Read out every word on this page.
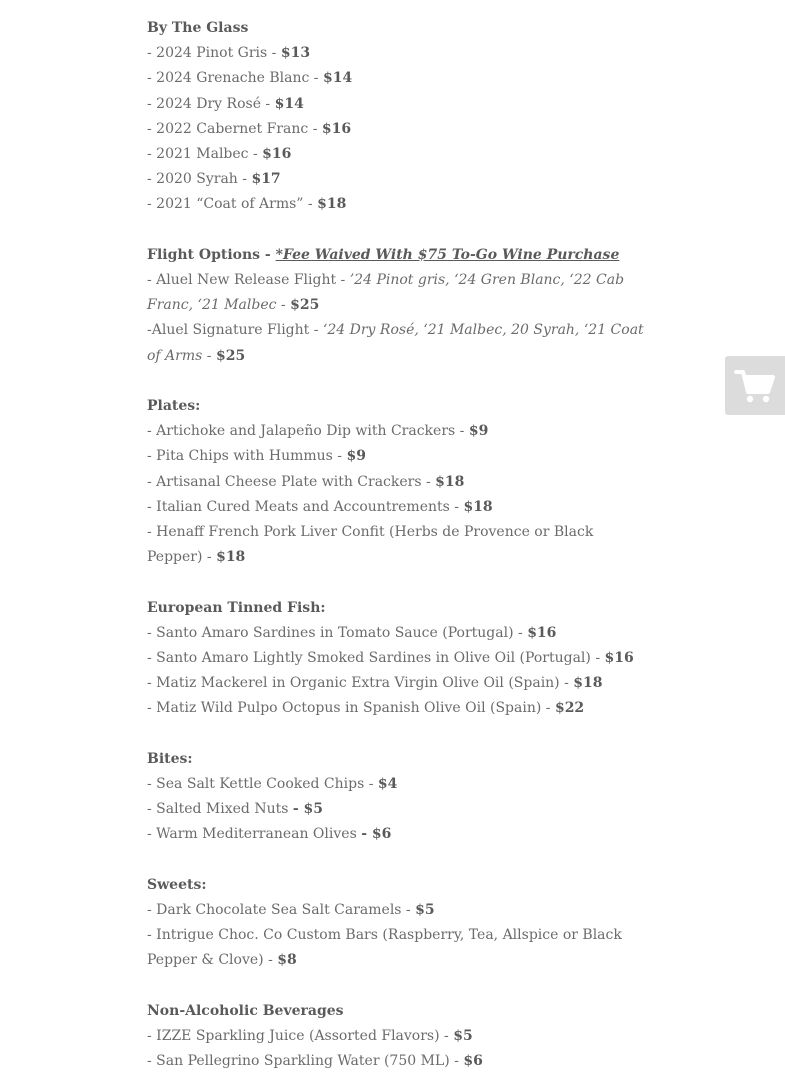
By The Glass
- 2024 Pinot Gris - $13
- 2024 Grenache Blanc - $14
- 2024 Dry Rosé - $14
- 2022 Cabernet Franc - $16
- 2021 Malbec - $16
- 2020 Syrah - $17
- 2021 “Coat of Arms” - $18
Flight Options - *Fee Waived With $75 To-Go Wine Purchase
- Aluel New Release Flight - ’24 Pinot gris, ‘24 Gren Blanc, ‘22 Cab Franc, ‘21 Malbec - $25
-Aluel Signature Flight - ‘24 Dry Rosé, ‘21 Malbec, 20 Syrah, ‘21 Coat of Arms - $25
Plates:
- Artichoke and Jalapeño Dip with Crackers - $9
- Pita Chips with Hummus - $9
- Artisanal Cheese Plate with Crackers - $18
- Italian Cured Meats and Accountrements - $18
- Henaff French Pork Liver Confit (Herbs de Provence or Black Pepper) - $18
European Tinned Fish:
- Santo Amaro Sardines in Tomato Sauce (Portugal) - $16
- Santo Amaro Lightly Smoked Sardines in Olive Oil (Portugal) - $16
- Matiz Mackerel in Organic Extra Virgin Olive Oil (Spain) - $18
- Matiz Wild Pulpo Octopus in Spanish Olive Oil (Spain) - $22
Bites:
- Sea Salt Kettle Cooked Chips - $4
- Salted Mixed Nuts - $5
- Warm Mediterranean Olives - $6
Sweets:
- Dark Chocolate Sea Salt Caramels - $5
- Intrigue Choc. Co Custom Bars (Raspberry, Tea, Allspice or Black Pepper & Clove) - $8
Non-Alcoholic Beverages
- IZZE Sparkling Juice (Assorted Flavors) - $5
- San Pellegrino Sparkling Water (750 ML) - $6
